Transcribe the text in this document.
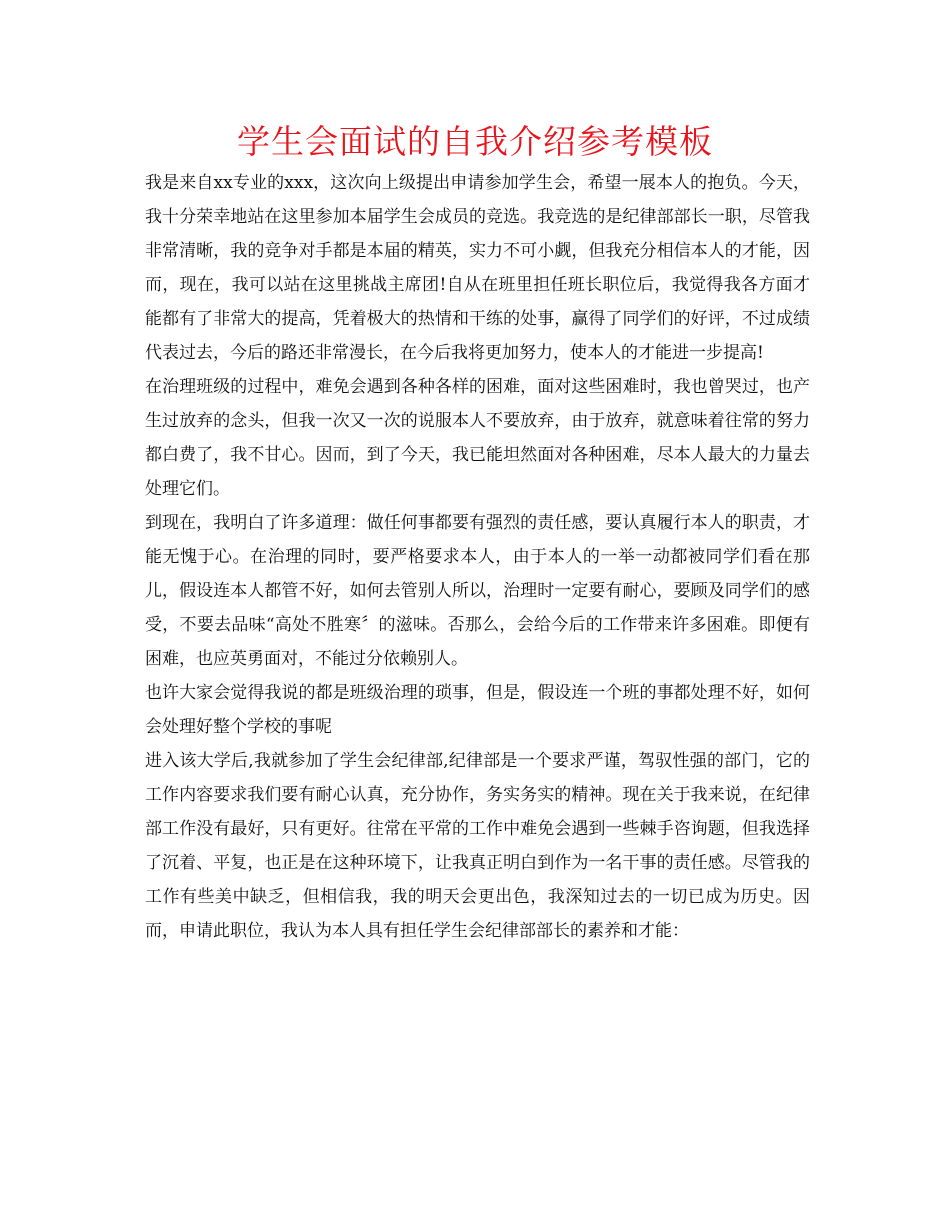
学生会面试的自我介绍参考模板

我是来自xx专业的xxx，这次向上级提出申请参加学生会，希望一展本人的抱负。今天，我十分荣幸地站在这里参加本届学生会成员的竞选。我竞选的是纪律部部长一职，尽管我非常清晰，我的竞争对手都是本届的精英，实力不可小觑，但我充分相信本人的才能，因而，现在，我可以站在这里挑战主席团!自从在班里担任班长职位后，我觉得我各方面才能都有了非常大的提高，凭着极大的热情和干练的处事，赢得了同学们的好评，不过成绩代表过去，今后的路还非常漫长，在今后我将更加努力，使本人的才能进一步提高!

在治理班级的过程中，难免会遇到各种各样的困难，面对这些困难时，我也曾哭过，也产生过放弃的念头，但我一次又一次的说服本人不要放弃，由于放弃，就意味着往常的努力都白费了，我不甘心。因而，到了今天，我已能坦然面对各种困难，尽本人最大的力量去处理它们。

到现在，我明白了许多道理：做任何事都要有强烈的责任感，要认真履行本人的职责，才能无愧于心。在治理的同时，要严格要求本人，由于本人的一举一动都被同学们看在那儿，假设连本人都管不好，如何去管别人所以，治理时一定要有耐心，要顾及同学们的感受，不要去品味“高处不胜寒〞的滋味。否那么，会给今后的工作带来许多困难。即便有困难，也应英勇面对，不能过分依赖别人。

也许大家会觉得我说的都是班级治理的琐事，但是，假设连一个班的事都处理不好，如何会处理好整个学校的事呢

进入该大学后,我就参加了学生会纪律部,纪律部是一个要求严谨，驾驭性强的部门，它的工作内容要求我们要有耐心认真，充分协作，务实务实的精神。现在关于我来说，在纪律部工作没有最好，只有更好。往常在平常的工作中难免会遇到一些棘手咨询题，但我选择了沉着、平复，也正是在这种环境下，让我真正明白到作为一名干事的责任感。尽管我的工作有些美中缺乏，但相信我，我的明天会更出色，我深知过去的一切已成为历史。因而，申请此职位，我认为本人具有担任学生会纪律部部长的素养和才能：
